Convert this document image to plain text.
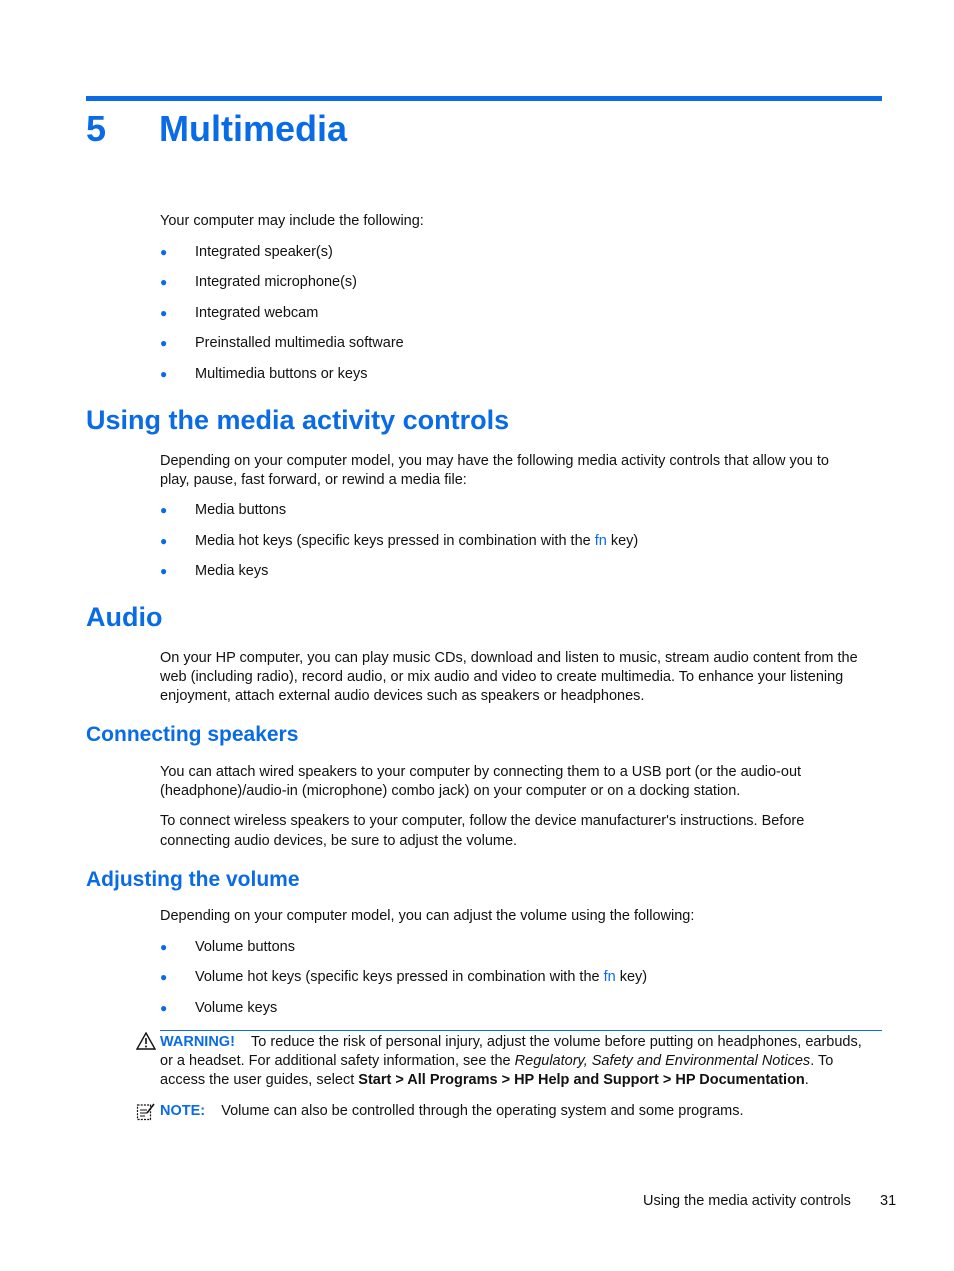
5 Multimedia
Your computer may include the following:
● Integrated speaker(s)
● Integrated microphone(s)
● Integrated webcam
● Preinstalled multimedia software
● Multimedia buttons or keys
Using the media activity controls
Depending on your computer model, you may have the following media activity controls that allow you to
play, pause, fast forward, or rewind a media file:
● Media buttons
● Media hot keys (specific keys pressed in combination with the fn key)
● Media keys
Audio
On your HP computer, you can play music CDs, download and listen to music, stream audio content from the
web (including radio), record audio, or mix audio and video to create multimedia. To enhance your listening
enjoyment, attach external audio devices such as speakers or headphones.
Connecting speakers
You can attach wired speakers to your computer by connecting them to a USB port (or the audio-out
(headphone)/audio-in (microphone) combo jack) on your computer or on a docking station.
To connect wireless speakers to your computer, follow the device manufacturer's instructions. Before
connecting audio devices, be sure to adjust the volume.
Adjusting the volume
Depending on your computer model, you can adjust the volume using the following:
● Volume buttons
● Volume hot keys (specific keys pressed in combination with the fn key)
● Volume keys
WARNING! To reduce the risk of personal injury, adjust the volume before putting on headphones, earbuds,
or a headset. For additional safety information, see the Regulatory, Safety and Environmental Notices. To
access the user guides, select Start > All Programs > HP Help and Support > HP Documentation.
NOTE: Volume can also be controlled through the operating system and some programs.
Using the media activity controls 31
